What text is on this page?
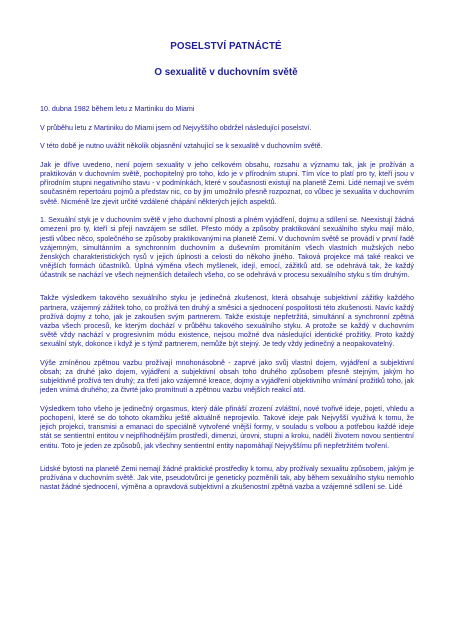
POSELSTVÍ PATNÁCTÉ
O sexualitě v duchovním světě

10. dubna 1982 během letu z Martiniku do Miami

V průběhu letu z Martiniku do Miami jsem od Nejvyššího obdržel následující poselství.

V této době je nutno uvážit několik objasnění vztahující se k sexualitě v duchovním světě.

Jak je dříve uvedeno, není pojem sexuality v jeho celkovém obsahu, rozsahu a významu tak, jak je prožíván a praktikován v duchovním světě, pochopitelný pro toho, kdo je v přírodním stupni. Tím více to platí pro ty, kteří jsou v přírodním stupni negativního stavu - v podmínkách, které v současnosti existují na planetě Zemi. Lidé nemají ve svém současném repertoáru pojmů a představ nic, co by jim umožnilo přesně rozpoznat, co vůbec je sexualita v duchovním světě. Nicméně lze zjevit určité vzdálené chápání některých jejích aspektů.

1. Sexuální styk je v duchovním světě v jeho duchovní plnosti a plném vyjádření, dojmu a sdílení se. Neexistují žádná omezení pro ty, kteří si přejí navzájem se sdílet. Přesto módy a způsoby praktikování sexuálního styku mají málo, jestli vůbec něco, společného se způsoby praktikovanými na planetě Zemi. V duchovním světě se provádí v první řadě vzájemným, simultánním a synchronním duchovním a duševním promítáním všech vlastních mužských nebo ženských charakteristických rysů v jejich úplnosti a celosti do někoho jiného. Taková projekce má také reakci ve vnějších formách účastníků. Úplná výměna všech myšlenek, idejí, emocí, zážitků atd. se odehrává tak, že každý účastník se nachází ve všech nejmenších detailech všeho, co se odehrává v procesu sexuálního styku s tím druhým.

Takže výsledkem takového sexuálního styku je jedinečná zkušenost, která obsahuje subjektivní zážitky každého partnera, vzájemný zážitek toho, co prožívá ten druhý a směsici a sjednocení pospolitosti této zkušenosti. Navíc každý prožívá dojmy z toho, jak je zakoušen svým partnerem. Takže existuje nepřetržitá, simultánní a synchronní zpětná vazba všech procesů, ke kterým dochází v průběhu takového sexuálního styku. A protože se každý v duchovním světě vždy nachází v progresivním módu existence, nejsou možné dva následující identické prožitky. Proto každý sexuální styk, dokonce i když je s týmž partnerem, nemůže být stejný. Je tedy vždy jedinečný a neopakovatelný.

Výše zmíněnou zpětnou vazbu prožívají mnohonásobně - zaprvé jako svůj vlastní dojem, vyjádření a subjektivní obsah; za druhé jako dojem, vyjádření a subjektivní obsah toho druhého způsobem přesně stejným, jakým ho subjektivně prožívá ten druhý; za třetí jako vzájemné kreace, dojmy a vyjádření objektivního vnímání prožitků toho, jak jeden vnímá druhého; za čtvrté jako promítnutí a zpětnou vazbu vnějších reakcí atd.

Výsledkem toho všeho je jedinečný orgasmus, který dále přináší zrození zvláštní, nové tvořivé ideje, pojetí, vhledu a pochopení, které se do tohoto okamžiku ještě aktuálně neprojevilo. Takové ideje pak Nejvyšší využívá k tomu, že jejich projekci, transmisi a emanaci do speciálně vytvořené vnější formy, v souladu s volbou a potřebou každé ideje stát se sentientní entitou v nejpříhodnějším prostředí, dimenzi, úrovni, stupni a kroku, nadělí životem novou sentientní entitu. Toto je jeden ze způsobů, jak všechny sentientní entity napomáhají Nejvyššímu při nepřetržitém tvoření.

Lidské bytosti na planetě Zemi nemají žádné praktické prostředky k tomu, aby prožívaly sexualitu způsobem, jakým je prožívána v duchovním světě. Jak vite, pseudotvůrci je geneticky pozměnili tak, aby během sexuálního styku nemohlo nastat žádné sjednocení, výměna a opravdová subjektivní a zkušenostní zpětná vazba a vzájemné sdílení se. Lidé
